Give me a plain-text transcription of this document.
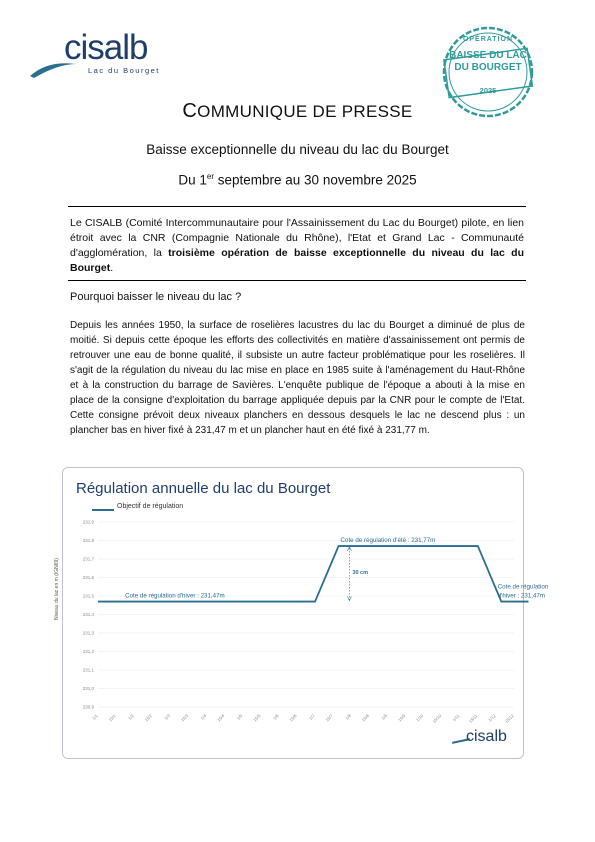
cisalb
Lac du Bourget
OPÉRATION
BAISSE DU LAC
DU BOURGET
2025
COMMUNIQUE DE PRESSE
Baisse exceptionnelle du niveau du lac du Bourget
Du 1er septembre au 30 novembre 2025
Le CISALB (Comité Intercommunautaire pour l'Assainissement du Lac du Bourget) pilote, en lien étroit avec la CNR (Compagnie Nationale du Rhône), l'Etat et Grand Lac - Communauté d'agglomération, la troisième opération de baisse exceptionnelle du niveau du lac du Bourget.
Pourquoi baisser le niveau du lac ?
Depuis les années 1950, la surface de roselières lacustres du lac du Bourget a diminué de plus de moitié. Si depuis cette époque les efforts des collectivités en matière d'assainissement ont permis de retrouver une eau de bonne qualité, il subsiste un autre facteur problématique pour les roselières. Il s'agit de la régulation du niveau du lac mise en place en 1985 suite à l'aménagement du Haut-Rhône et à la construction du barrage de Savières. L'enquête publique de l'époque a abouti à la mise en place de la consigne d'exploitation du barrage appliquée depuis par la CNR pour le compte de l'Etat. Cette consigne prévoit deux niveaux planchers en dessous desquels le lac ne descend plus : un plancher bas en hiver fixé à 231,47 m et un plancher haut en été fixé à 231,77 m.
Régulation annuelle du lac du Bourget
Objectif de régulation
Niveau du lac en m (IGN69)
231,9
231,8
231,7
231,6
231,5
231,4
231,3
231,2
231,1
231,0
230,9
1/1 15/1 1/2 15/2 1/3 15/3 1/4 15/4 1/5 15/5 1/6 15/6 1/7 15/7 1/8 15/8 1/9 15/9 1/10 15/10 1/11 15/11 1/12 15/12
Cote de régulation d'hiver : 231,47m
Cote de régulation d'été : 231,77m
Cote de régulation
d'hiver : 231,47m
30 cm
cisalb
